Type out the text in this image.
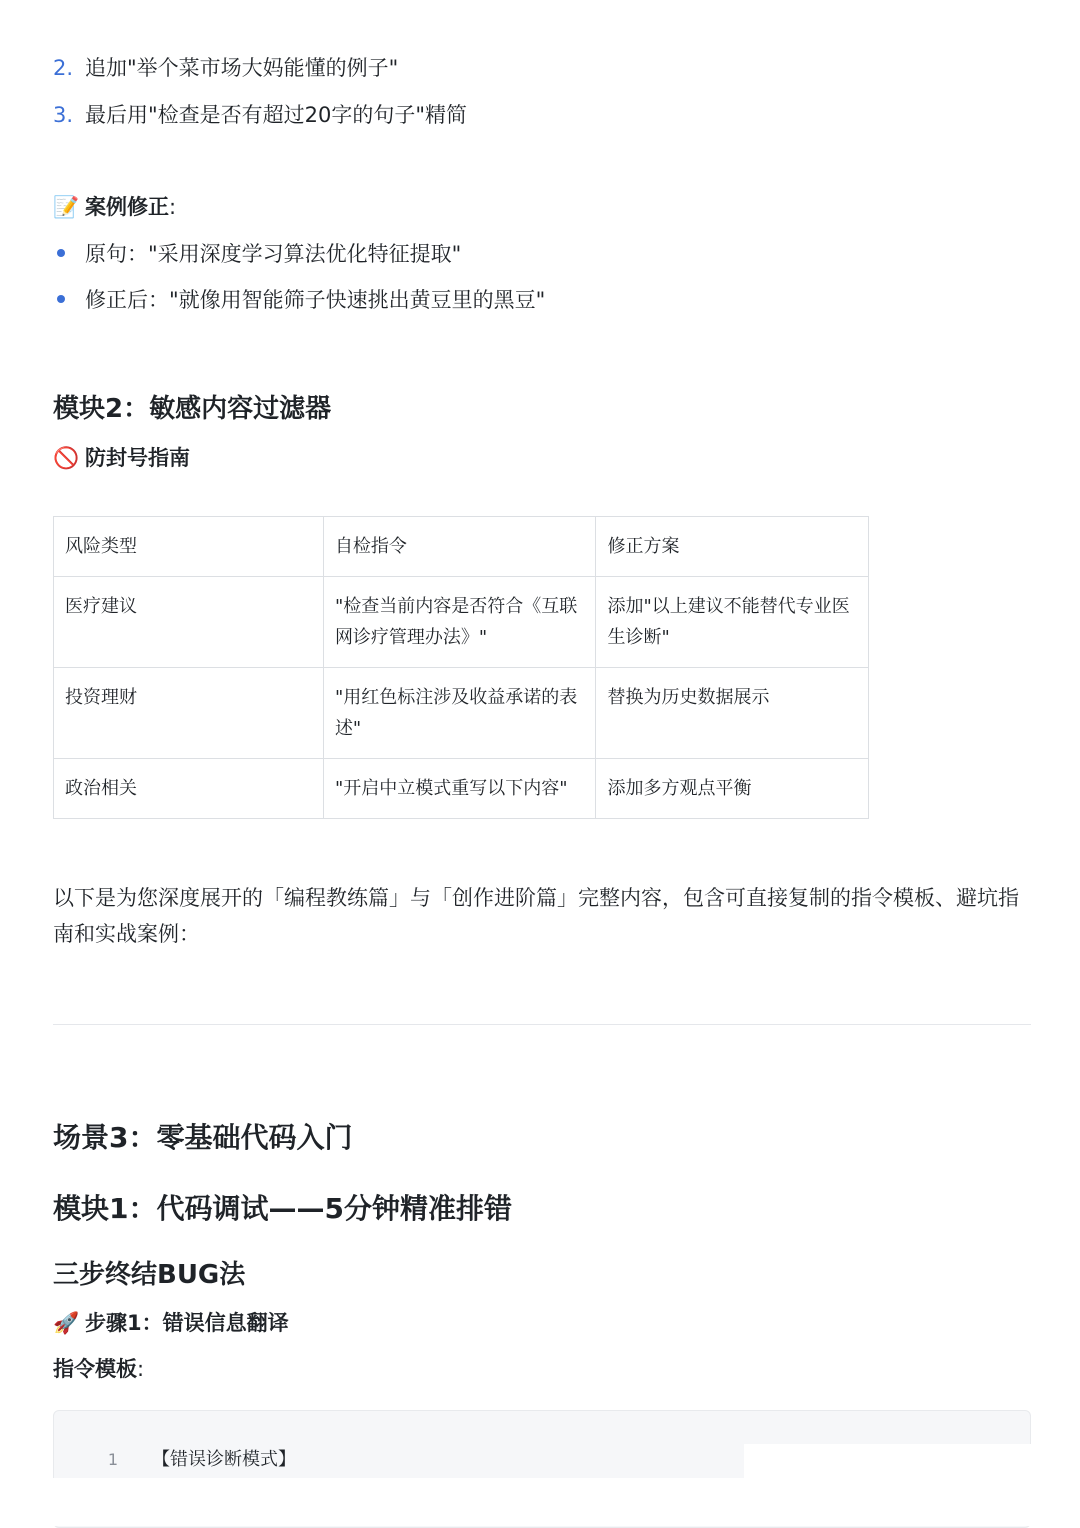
2. 追加"举个菜市场大妈能懂的例子"
3. 最后用"检查是否有超过20字的句子"精简
📝 案例修正:
原句："采用深度学习算法优化特征提取"
修正后："就像用智能筛子快速挑出黄豆里的黑豆"
模块2：敏感内容过滤器
🚫 防封号指南
风险类型	自检指令	修正方案
医疗建议	"检查当前内容是否符合《互联网诊疗管理办法》"	添加"以上建议不能替代专业医生诊断"
投资理财	"用红色标注涉及收益承诺的表述"	替换为历史数据展示
政治相关	"开启中立模式重写以下内容"	添加多方观点平衡
以下是为您深度展开的「编程教练篇」与「创作进阶篇」完整内容，包含可直接复制的指令模板、避坑指南和实战案例：
场景3：零基础代码入门
模块1：代码调试——5分钟精准排错
三步终结BUG法
🚀 步骤1：错误信息翻译
指令模板:
1 【错误诊断模式】
